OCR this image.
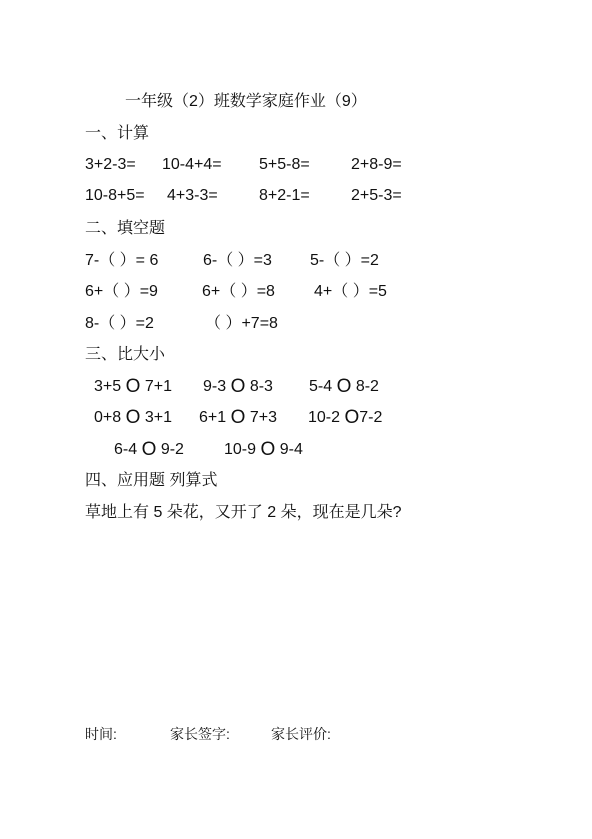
一年级（2）班数学家庭作业（9）
一、计算
3+2-3= 10-4+4= 5+5-8=	2+8-9=
10-8+5= 4+3-3=	8+2-1=	2+5-3=
二、填空题
7-（ ）= 6	6-（ ）=3 5-（ ）=2
6+（ ）=9	6+（ ）=8 4+（ ）=5
8-（ ）=2	（ ）+7=8
三、比大小
3+5 O 7+1 9-3 O 8-3 5-4 O 8-2
0+8 O 3+1 6+1 O 7+3 10-2 O7-2
6-4 O 9-2	10-9 O 9-4
四、应用题 列算式
草地上有 5 朵花，又开了 2 朵，现在是几朵?
时间:	家长签字:	家长评价:
